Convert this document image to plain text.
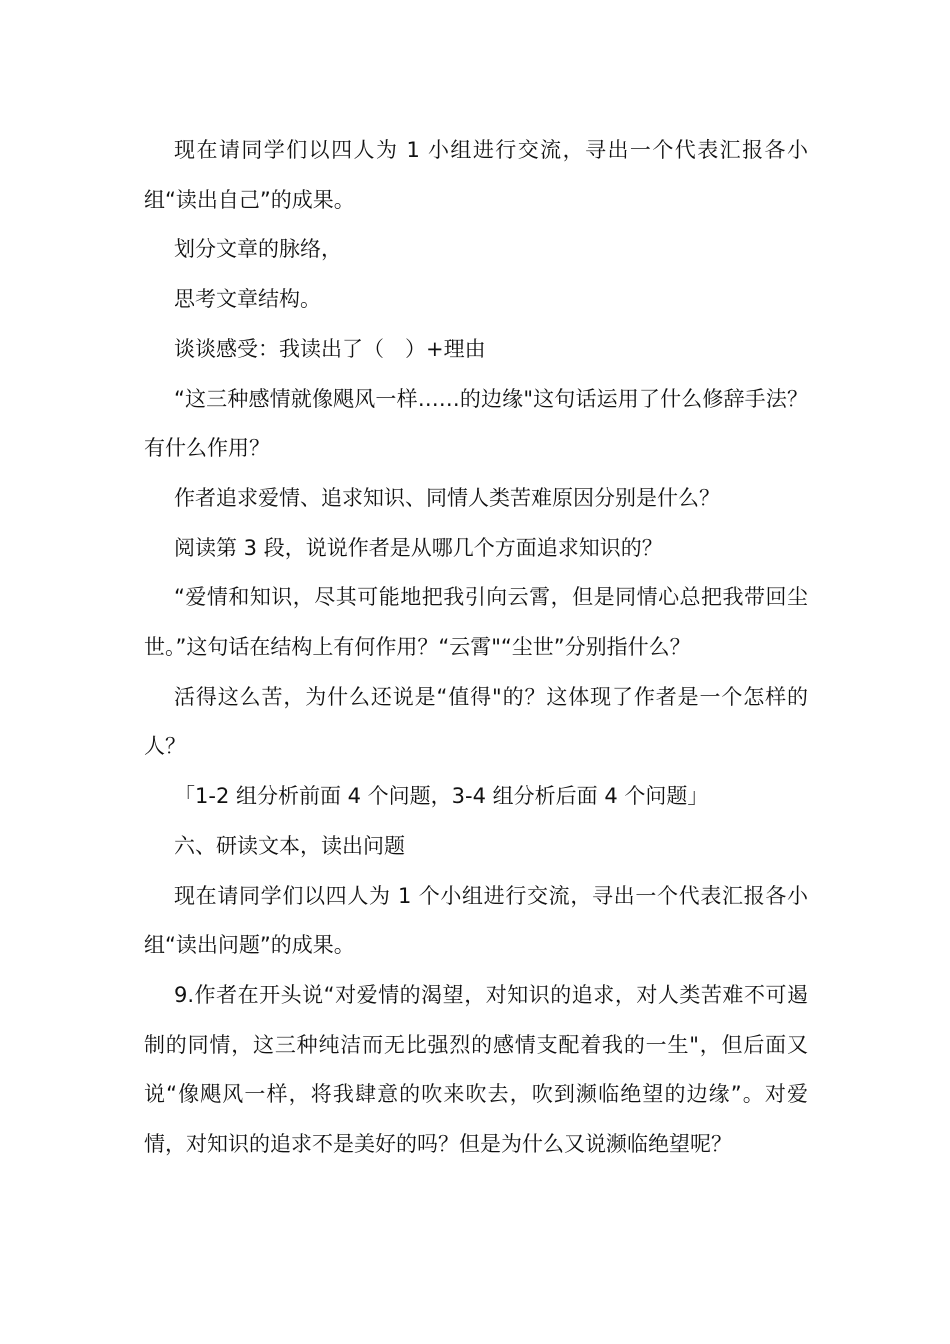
现在请同学们以四人为 1 小组进行交流，寻出一个代表汇报各小组“读出自己”的成果。

划分文章的脉络，

思考文章结构。

谈谈感受：我读出了（　）+理由

“这三种感情就像飓风一样……的边缘"这句话运用了什么修辞手法？有什么作用？

作者追求爱情、追求知识、同情人类苦难原因分别是什么？

阅读第 3 段，说说作者是从哪几个方面追求知识的？

“爱情和知识，尽其可能地把我引向云霄，但是同情心总把我带回尘世。”这句话在结构上有何作用？“云霄"“尘世”分别指什么？

活得这么苦，为什么还说是“值得"的？这体现了作者是一个怎样的人？

「1-2 组分析前面 4 个问题，3-4 组分析后面 4 个问题」

六、研读文本，读出问题

现在请同学们以四人为 1 个小组进行交流，寻出一个代表汇报各小组“读出问题”的成果。

9.作者在开头说“对爱情的渴望，对知识的追求，对人类苦难不可遏制的同情，这三种纯洁而无比强烈的感情支配着我的一生"，但后面又说“像飓风一样，将我肆意的吹来吹去，吹到濒临绝望的边缘”。对爱情，对知识的追求不是美好的吗？但是为什么又说濒临绝望呢？
